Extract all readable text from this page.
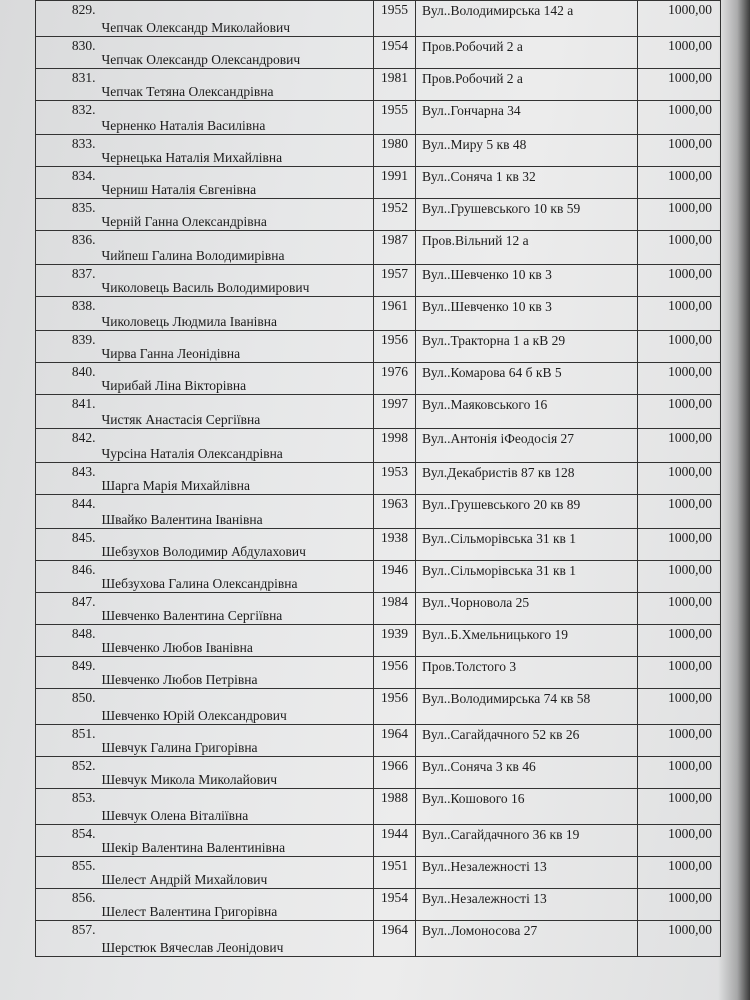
829.	Чепчак Олександр Миколайович	1955	Вул..Володимирська 142 а	1000,00
830.	Чепчак Олександр Олександрович	1954	Пров.Робочий 2 а	1000,00
831.	Чепчак Тетяна Олександрівна	1981	Пров.Робочий 2 а	1000,00
832.	Черненко Наталія Василівна	1955	Вул..Гончарна 34	1000,00
833.	Чернецька Наталія Михайлівна	1980	Вул..Миру 5 кв 48	1000,00
834.	Черниш Наталія Євгенівна	1991	Вул..Соняча 1 кв 32	1000,00
835.	Черній Ганна Олександрівна	1952	Вул..Грушевського 10 кв 59	1000,00
836.	Чийпеш Галина Володимирівна	1987	Пров.Вільний 12 а	1000,00
837.	Чиколовець Василь Володимирович	1957	Вул..Шевченко 10 кв 3	1000,00
838.	Чиколовець Людмила Іванівна	1961	Вул..Шевченко 10 кв 3	1000,00
839.	Чирва Ганна Леонідівна	1956	Вул..Тракторна 1 а кВ 29	1000,00
840.	Чирибай Ліна Вікторівна	1976	Вул..Комарова 64 б кВ 5	1000,00
841.	Чистяк Анастасія Сергіївна	1997	Вул..Маяковського 16	1000,00
842.	Чурсіна Наталія Олександрівна	1998	Вул..Антонія іФеодосія 27	1000,00
843.	Шарга Марія Михайлівна	1953	Вул.Декабристів 87 кв 128	1000,00
844.	Швайко Валентина Іванівна	1963	Вул..Грушевського 20 кв 89	1000,00
845.	Шебзухов Володимир Абдулахович	1938	Вул..Сільморівська 31 кв 1	1000,00
846.	Шебзухова Галина Олександрівна	1946	Вул..Сільморівська 31 кв 1	1000,00
847.	Шевченко Валентина Сергіївна	1984	Вул..Чорновола 25	1000,00
848.	Шевченко Любов Іванівна	1939	Вул..Б.Хмельницького 19	1000,00
849.	Шевченко Любов Петрівна	1956	Пров.Толстого 3	1000,00
850.	Шевченко Юрій Олександрович	1956	Вул..Володимирська 74 кв 58	1000,00
851.	Шевчук Галина Григорівна	1964	Вул..Сагайдачного 52 кв 26	1000,00
852.	Шевчук Микола Миколайович	1966	Вул..Соняча 3 кв 46	1000,00
853.	Шевчук Олена Віталіївна	1988	Вул..Кошового 16	1000,00
854.	Шекір Валентина Валентинівна	1944	Вул..Сагайдачного 36 кв 19	1000,00
855.	Шелест Андрій Михайлович	1951	Вул..Незалежності 13	1000,00
856.	Шелест Валентина Григорівна	1954	Вул..Незалежності 13	1000,00
857.	Шерстюк Вячеслав Леонідович	1964	Вул..Ломоносова 27	1000,00
